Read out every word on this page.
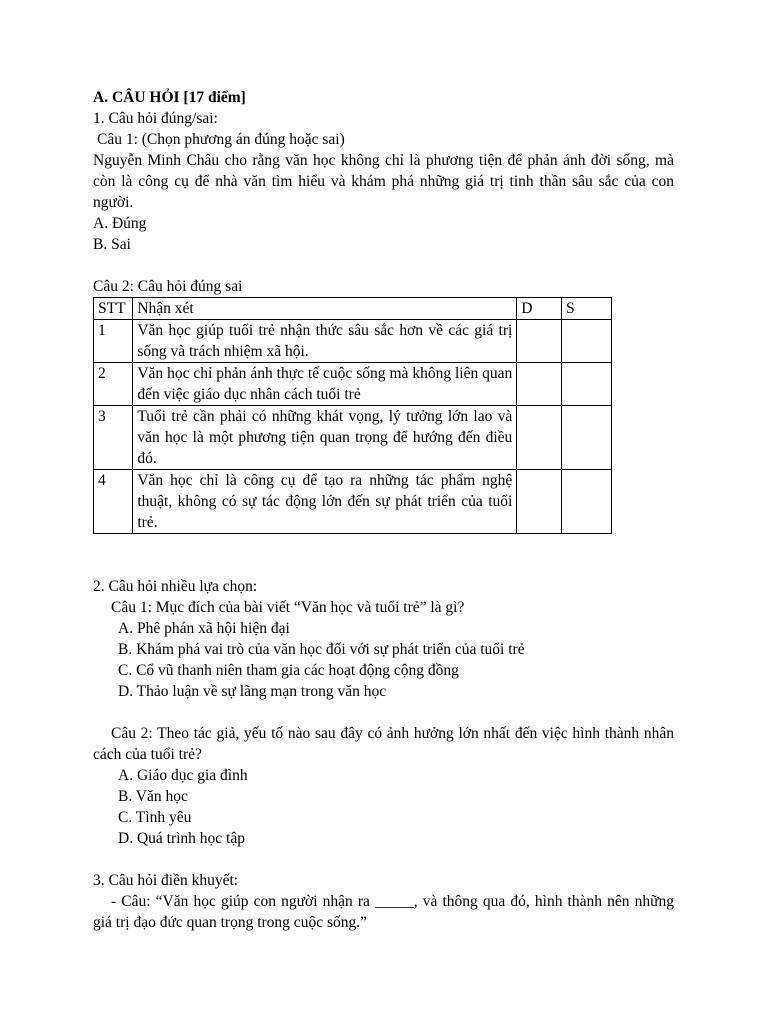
A. CÂU HỎI [17 điểm]

1. Câu hỏi đúng/sai:

Câu 1: (Chọn phương án đúng hoặc sai)

Nguyễn Minh Châu cho rằng văn học không chỉ là phương tiện để phản ánh đời sống, mà còn là công cụ để nhà văn tìm hiểu và khám phá những giá trị tinh thần sâu sắc của con người.

A. Đúng

B. Sai

Câu 2: Câu hỏi đúng sai

STT	Nhận xét	D	S
1	Văn học giúp tuổi trẻ nhận thức sâu sắc hơn về các giá trị sống và trách nhiệm xã hội.		
2	Văn học chỉ phản ánh thực tế cuộc sống mà không liên quan đến việc giáo dục nhân cách tuổi trẻ		
3	Tuổi trẻ cần phải có những khát vọng, lý tưởng lớn lao và văn học là một phương tiện quan trọng để hướng đến điều đó.		
4	Văn học chỉ là công cụ để tạo ra những tác phẩm nghệ thuật, không có sự tác động lớn đến sự phát triển của tuổi trẻ.		

2. Câu hỏi nhiều lựa chọn:

Câu 1: Mục đích của bài viết “Văn học và tuổi trẻ” là gì?

A. Phê phán xã hội hiện đại

B. Khám phá vai trò của văn học đối với sự phát triển của tuổi trẻ

C. Cổ vũ thanh niên tham gia các hoạt động cộng đồng

D. Thảo luận về sự lãng mạn trong văn học

Câu 2: Theo tác giả, yếu tố nào sau đây có ảnh hưởng lớn nhất đến việc hình thành nhân cách của tuổi trẻ?

A. Giáo dục gia đình

B. Văn học

C. Tình yêu

D. Quá trình học tập

3. Câu hỏi điền khuyết:

- Câu: “Văn học giúp con người nhận ra _____, và thông qua đó, hình thành nên những giá trị đạo đức quan trọng trong cuộc sống.”
